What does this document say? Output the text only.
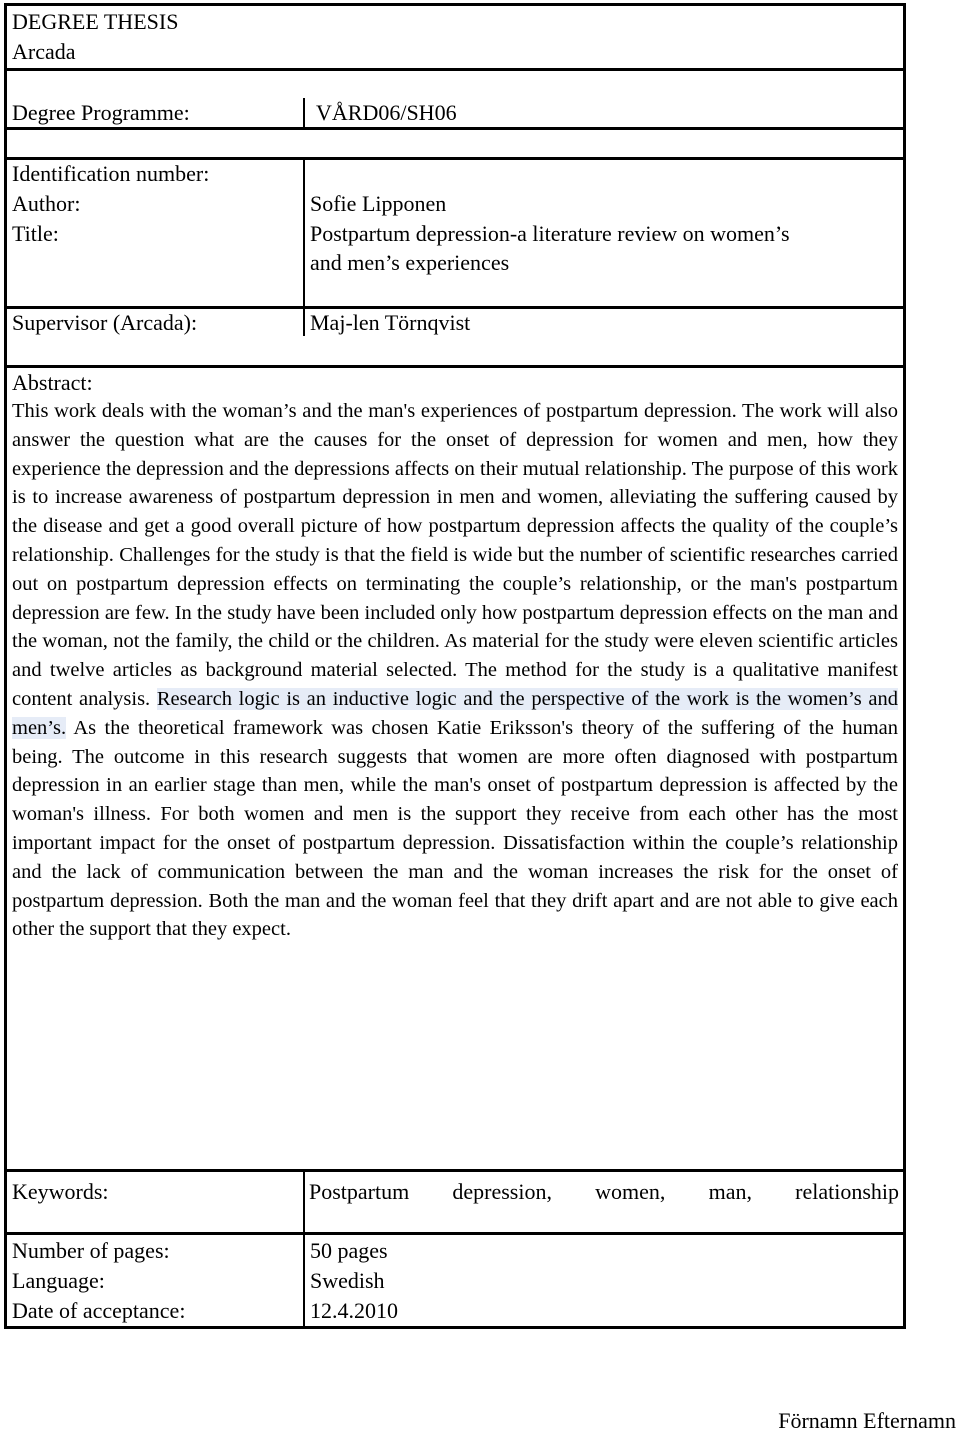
DEGREE THESIS
Arcada
Degree Programme:	VÅRD06/SH06
Identification number:
Author:	Sofie Lipponen
Title:	Postpartum depression-a literature review on women’s
and men’s experiences
Supervisor (Arcada):	Maj-len Törnqvist
Abstract:
This work deals with the woman’s and the man's experiences of postpartum depression. The work will also answer the question what are the causes for the onset of depression for women and men, how they experience the depression and the depressions affects on their mutual relationship. The purpose of this work is to increase awareness of postpartum depression in men and women, alleviating the suffering caused by the disease and get a good overall picture of how postpartum depression affects the quality of the couple’s relationship. Challenges for the study is that the field is wide but the number of scientific researches carried out on postpartum depression effects on terminating the couple’s relationship, or the man's postpartum depression are few. In the study have been included only how postpartum depression effects on the man and the woman, not the family, the child or the children. As material for the study were eleven scientific articles and twelve articles as background material selected. The method for the study is a qualitative manifest content analysis. Research logic is an inductive logic and the perspective of the work is the women’s and men’s. As the theoretical framework was chosen Katie Eriksson's theory of the suffering of the human being. The outcome in this research suggests that women are more often diagnosed with postpartum depression in an earlier stage than men, while the man's onset of postpartum depression is affected by the woman's illness. For both women and men is the support they receive from each other has the most important impact for the onset of postpartum depression. Dissatisfaction within the couple’s relationship and the lack of communication between the man and the woman increases the risk for the onset of postpartum depression. Both the man and the woman feel that they drift apart and are not able to give each other the support that they expect.
Keywords:	Postpartum depression, women, man, relationship
Number of pages:	50 pages
Language:	Swedish
Date of acceptance:	12.4.2010
Förnamn Efternamn
